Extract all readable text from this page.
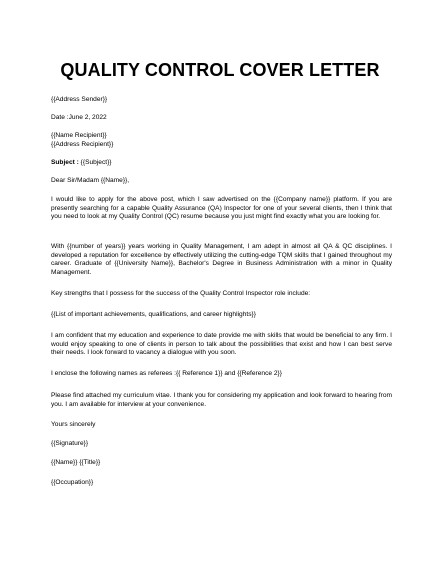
QUALITY CONTROL COVER LETTER
{{Address Sender}}
Date :June 2, 2022
{{Name Recipient}}
{{Address Recipient}}
Subject : {{Subject}}
Dear Sir/Madam {{Name}},
I would like to apply for the above post, which I saw advertised on the {{Company name}} platform. If you are presently searching for a capable Quality Assurance (QA) Inspector for one of your several clients, then I think that you need to look at my Quality Control (QC) resume because you just might find exactly what you are looking for.
With {{number of years}} years working in Quality Management, I am adept in almost all QA & QC disciplines. I developed a reputation for excellence by effectively utilizing the cutting-edge TQM skills that I gained throughout my career. Graduate of {{University Name}}, Bachelor's Degree in Business Administration with a minor in Quality Management.
Key strengths that I possess for the success of the Quality Control Inspector role include:
{{List of important achievements, qualifications, and career highlights}}
I am confident that my education and experience to date provide me with skills that would be beneficial to any firm. I would enjoy speaking to one of clients in person to talk about the possibilities that exist and how I can best serve their needs. I look forward to vacancy a dialogue with you soon.
I enclose the following names as referees :{{ Reference 1}} and {{Reference 2}}
Please find attached my curriculum vitae. I thank you for considering my application and look forward to hearing from you. I am available for interview at your convenience.
Yours sincerely
{{Signature}}
{{Name}} {{Title}}
{{Occupation}}
